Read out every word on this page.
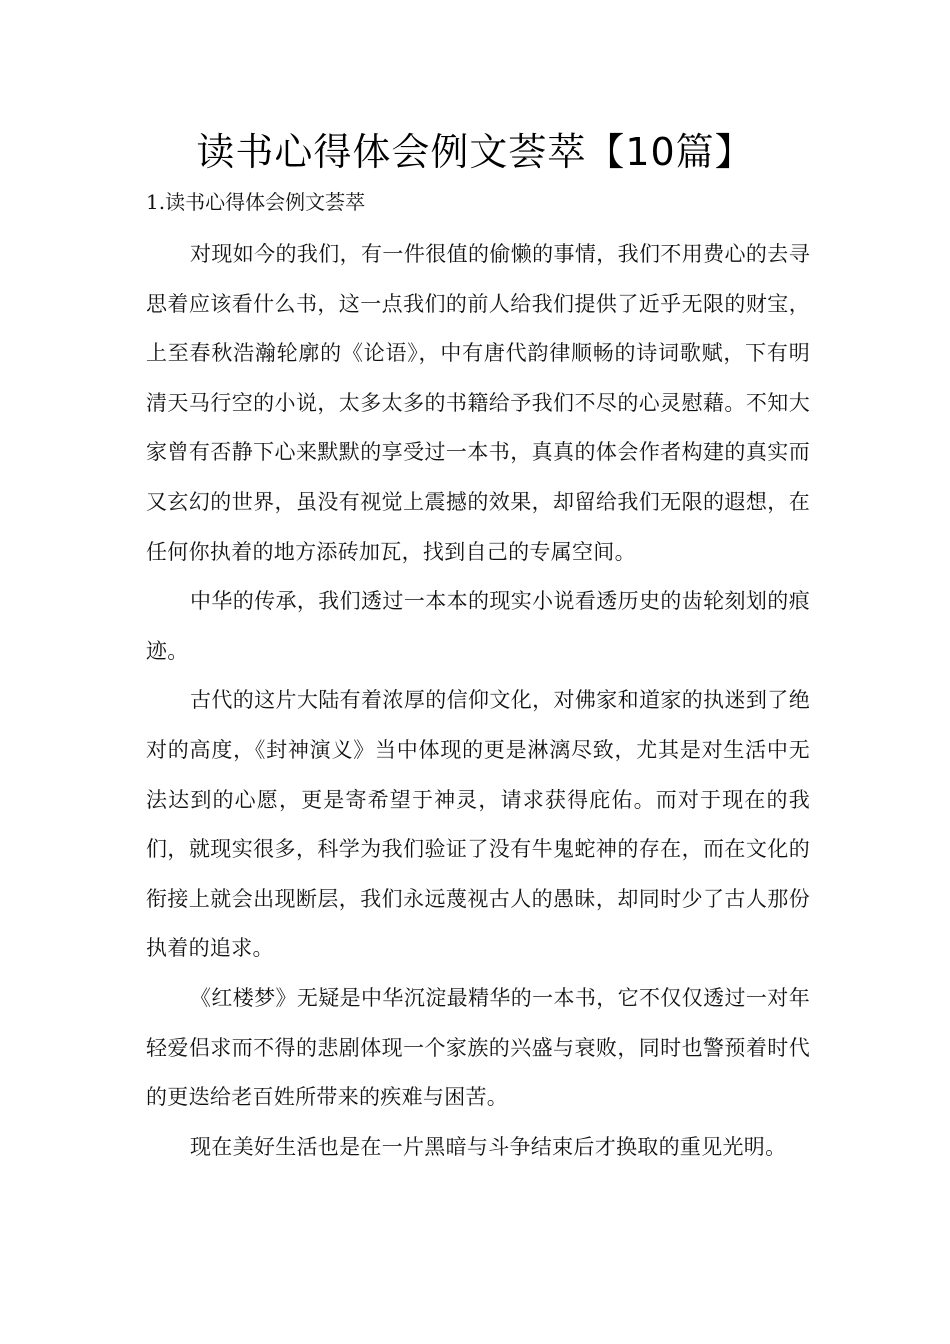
读书心得体会例文荟萃【10篇】
1.读书心得体会例文荟萃

对现如今的我们，有一件很值的偷懒的事情，我们不用费心的去寻思着应该看什么书，这一点我们的前人给我们提供了近乎无限的财宝，上至春秋浩瀚轮廓的《论语》，中有唐代韵律顺畅的诗词歌赋，下有明清天马行空的小说，太多太多的书籍给予我们不尽的心灵慰藉。不知大家曾有否静下心来默默的享受过一本书，真真的体会作者构建的真实而又玄幻的世界，虽没有视觉上震撼的效果，却留给我们无限的遐想，在任何你执着的地方添砖加瓦，找到自己的专属空间。

中华的传承，我们透过一本本的现实小说看透历史的齿轮刻划的痕迹。

古代的这片大陆有着浓厚的信仰文化，对佛家和道家的执迷到了绝对的高度，《封神演义》当中体现的更是淋漓尽致，尤其是对生活中无法达到的心愿，更是寄希望于神灵，请求获得庇佑。而对于现在的我们，就现实很多，科学为我们验证了没有牛鬼蛇神的存在，而在文化的衔接上就会出现断层，我们永远蔑视古人的愚昧，却同时少了古人那份执着的追求。

《红楼梦》无疑是中华沉淀最精华的一本书，它不仅仅透过一对年轻爱侣求而不得的悲剧体现一个家族的兴盛与衰败，同时也警预着时代的更迭给老百姓所带来的疾难与困苦。

现在美好生活也是在一片黑暗与斗争结束后才换取的重见光明。
